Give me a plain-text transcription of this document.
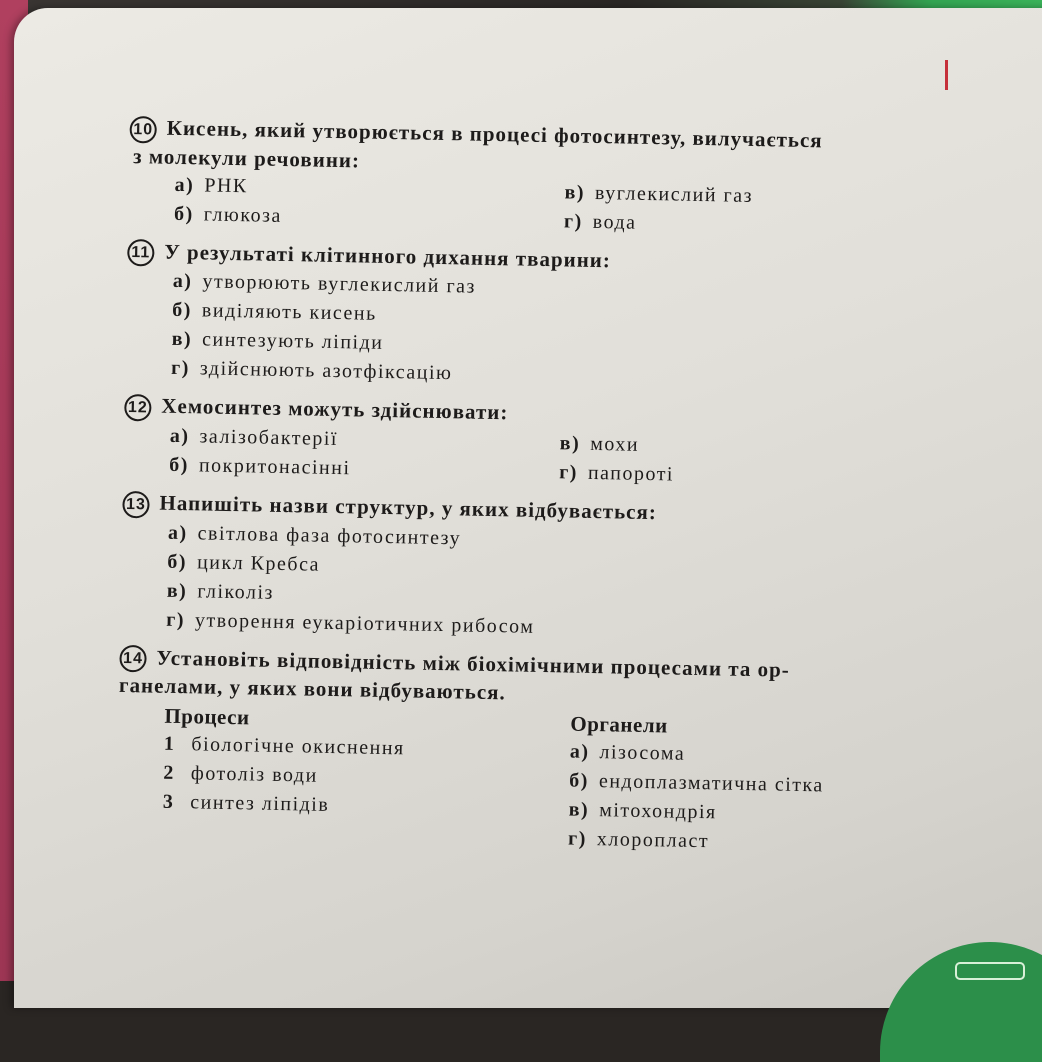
10 Кисень, який утворюється в процесі фотосинтезу, вилучається
з молекули речовини:
а) РНК	в) вуглекислий газ
б) глюкоза	г) вода
11 У результаті клітинного дихання тварини:
а) утворюють вуглекислий газ
б) виділяють кисень
в) синтезують ліпіди
г) здійснюють азотфіксацію
12 Хемосинтез можуть здійснювати:
а) залізобактерії	в) мохи
б) покритонасінні	г) папороті
13 Напишіть назви структур, у яких відбувається:
а) світлова фаза фотосинтезу
б) цикл Кребса
в) гліколіз
г) утворення еукаріотичних рибосом
14 Установіть відповідність між біохімічними процесами та ор-
ганелами, у яких вони відбуваються.
Процеси
1 біологічне окиснення
2 фотоліз води
3 синтез ліпідів
Органели
а) лізосома
б) ендоплазматична сітка
в) мітохондрія
г) хлоропласт
